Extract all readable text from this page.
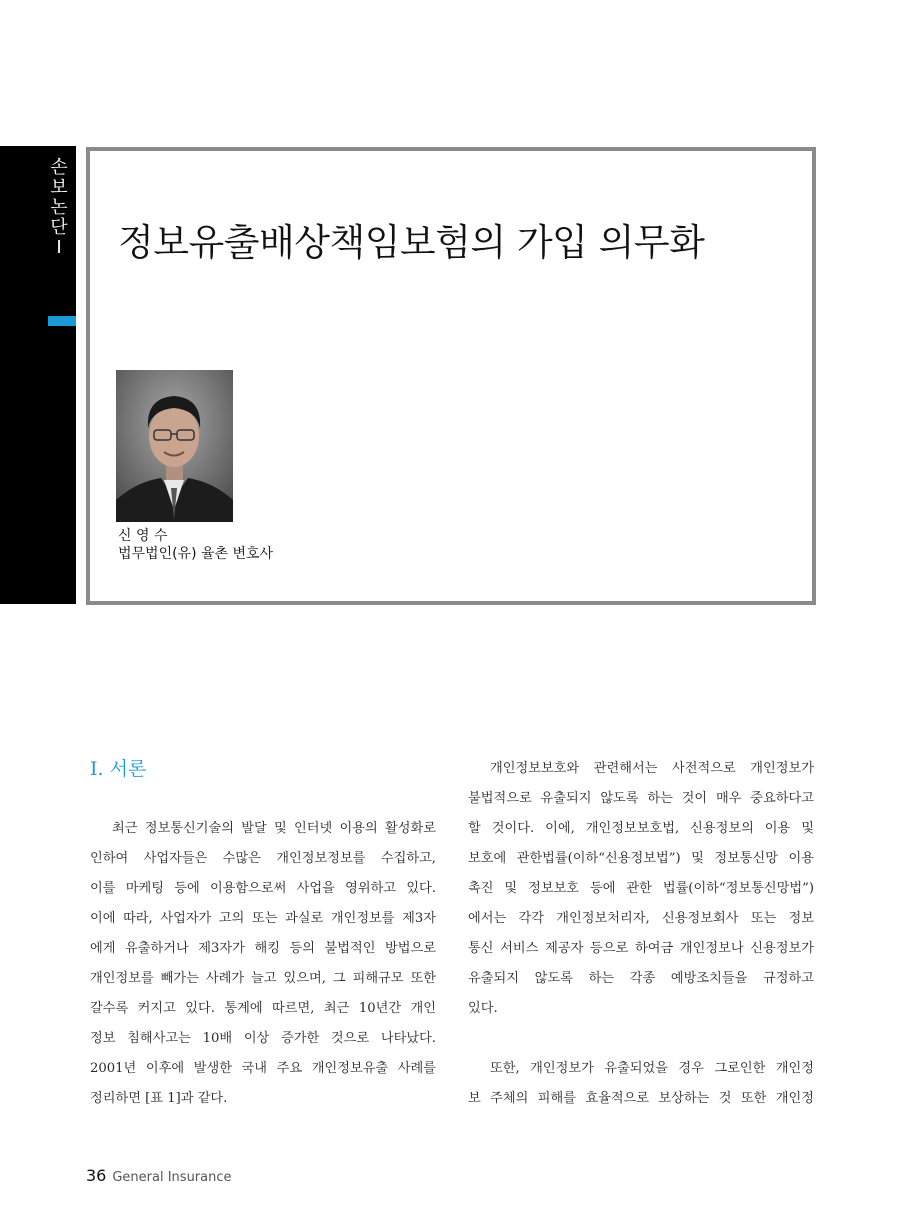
손
보
논
단
I 정보유출배상책임보험의 가입 의무화
신 영 수
법무법인(유) 율촌 변호사
Ⅰ. 서론
최근 정보통신기술의 발달 및 인터넷 이용의 활성화로
인하여 사업자들은 수많은 개인정보정보를 수집하고,
이를 마케팅 등에 이용함으로써 사업을 영위하고 있다.
이에 따라, 사업자가 고의 또는 과실로 개인정보를 제3자
에게 유출하거나 제3자가 해킹 등의 불법적인 방법으로
개인정보를 빼가는 사례가 늘고 있으며, 그 피해규모 또한
갈수록 커지고 있다. 통계에 따르면, 최근 10년간 개인
정보 침해사고는 10배 이상 증가한 것으로 나타났다.
2001년 이후에 발생한 국내 주요 개인정보유출 사례를
정리하면 [표 1]과 같다.
개인정보보호와 관련해서는 사전적으로 개인정보가
불법적으로 유출되지 않도록 하는 것이 매우 중요하다고
할 것이다. 이에, 개인정보보호법, 신용정보의 이용 및
보호에 관한법률(이하“신용정보법”) 및 정보통신망 이용
촉진 및 정보보호 등에 관한 법률(이하“정보통신망법”)
에서는 각각 개인정보처리자, 신용정보회사 또는 정보
통신 서비스 제공자 등으로 하여금 개인정보나 신용정보가
유출되지 않도록 하는 각종 예방조치들을 규정하고
있다.
또한, 개인정보가 유출되었을 경우 그로인한 개인정
보 주체의 피해를 효율적으로 보상하는 것 또한 개인정
36 General Insurance
